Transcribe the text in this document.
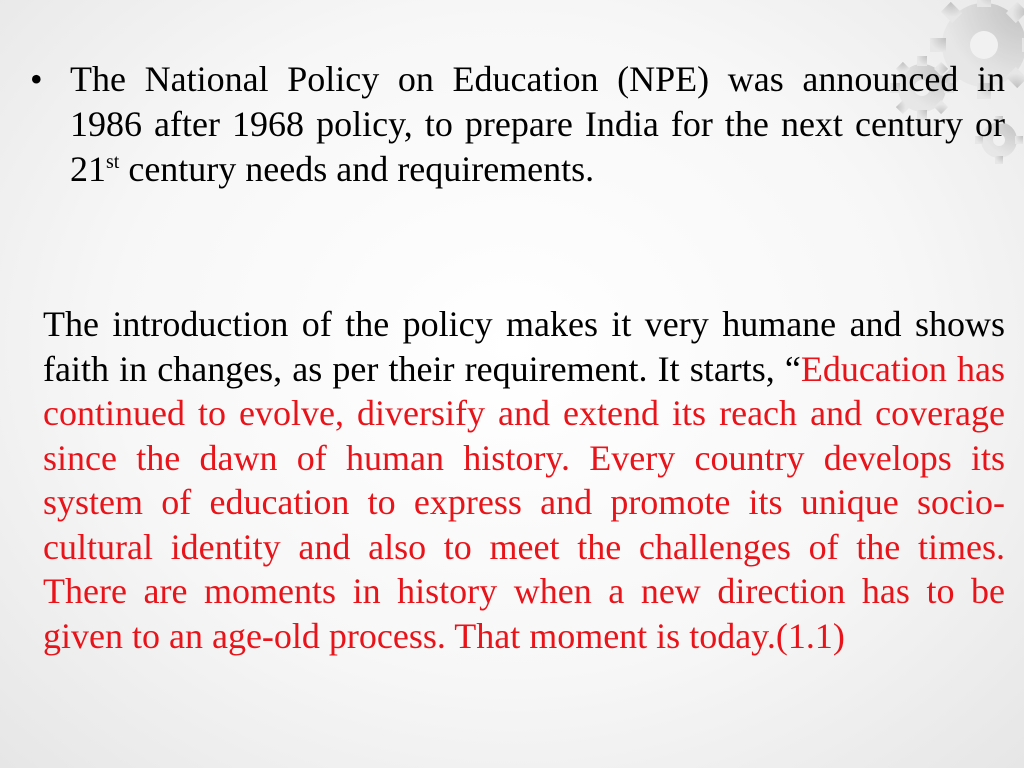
• The National Policy on Education (NPE) was announced in 1986 after 1968 policy, to prepare India for the next century or 21st century needs and requirements.
The introduction of the policy makes it very humane and shows faith in changes, as per their requirement. It starts, “Education has continued to evolve, diversify and extend its reach and coverage since the dawn of human history. Every country develops its system of education to express and promote its unique socio-cultural identity and also to meet the challenges of the times. There are moments in history when a new direction has to be given to an age-old process. That moment is today.(1.1)
